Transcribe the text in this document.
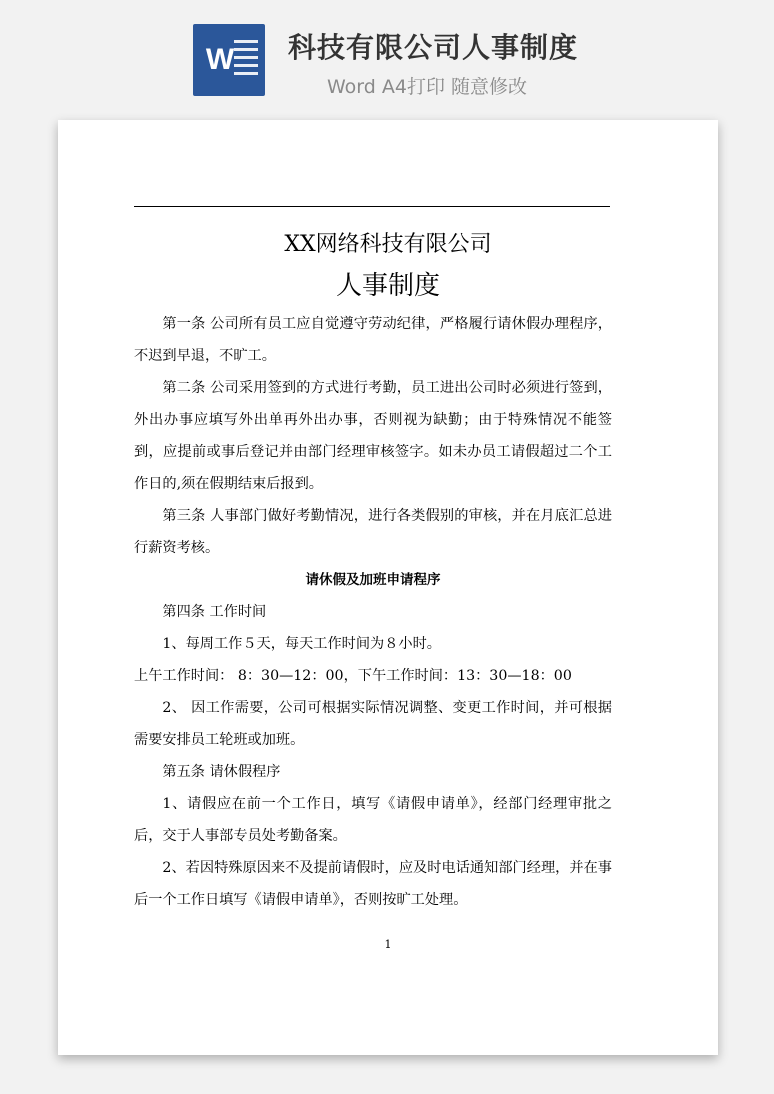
W 科技有限公司人事制度
Word A4打印 随意修改
XX网络科技有限公司
人事制度

第一条 公司所有员工应自觉遵守劳动纪律，严格履行请休假办理程序，不迟到早退，不旷工。

第二条 公司采用签到的方式进行考勤，员工进出公司时必须进行签到，外出办事应填写外出单再外出办事，否则视为缺勤；由于特殊情况不能签到，应提前或事后登记并由部门经理审核签字。如未办员工请假超过二个工作日的,须在假期结束后报到。

第三条 人事部门做好考勤情况，进行各类假别的审核，并在月底汇总进行薪资考核。

请休假及加班申请程序

第四条 工作时间

1、每周工作５天，每天工作时间为８小时。

上午工作时间： 8：30—12：00，下午工作时间：13：30—18：00

2、 因工作需要，公司可根据实际情况调整、变更工作时间，并可根据需要安排员工轮班或加班。

第五条 请休假程序

1、请假应在前一个工作日，填写《请假申请单》，经部门经理审批之后，交于人事部专员处考勤备案。

2、若因特殊原因来不及提前请假时，应及时电话通知部门经理，并在事后一个工作日填写《请假申请单》，否则按旷工处理。

1
